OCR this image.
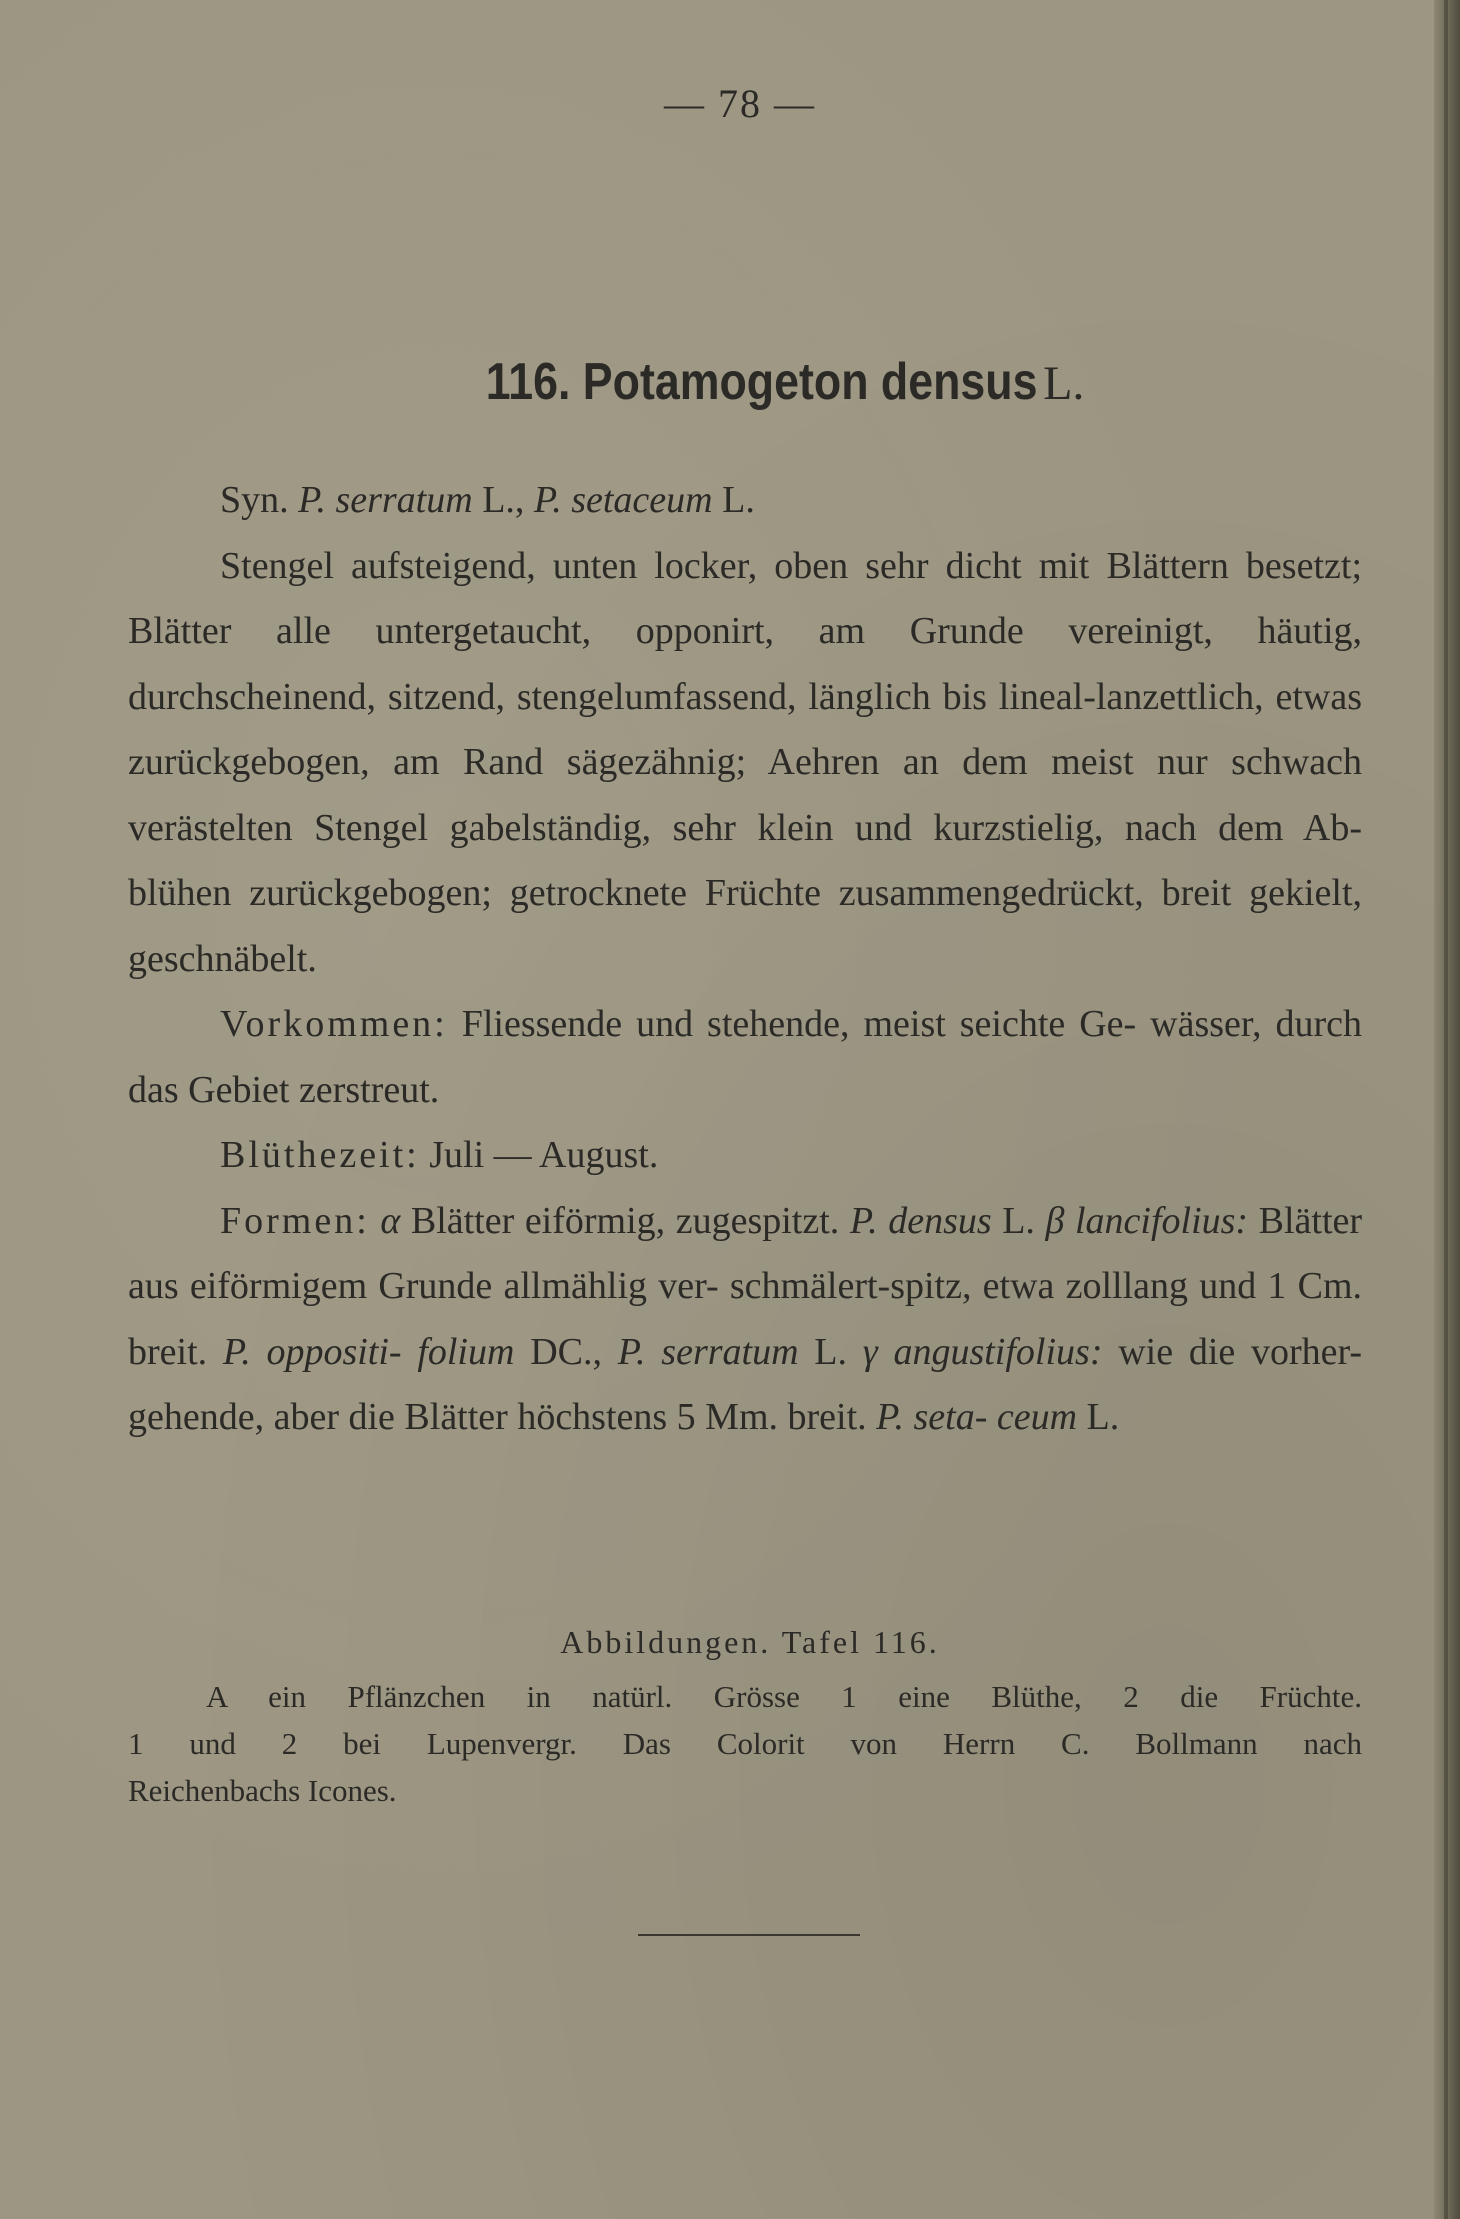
— 78 —
116. Potamogeton densus L.

Syn. P. serratum L., P. setaceum L.

Stengel aufsteigend, unten locker, oben sehr dicht mit Blättern besetzt; Blätter alle untergetaucht, opponirt, am Grunde vereinigt, häutig, durchscheinend, sitzend, stengelumfassend, länglich bis lineal-lanzettlich, etwas zurückgebogen, am Rand sägezähnig; Aehren an dem meist nur schwach verästelten Stengel gabelständig, sehr klein und kurzstielig, nach dem Ab- blühen zurückgebogen; getrocknete Früchte zusammengedrückt, breit gekielt, geschnäbelt.

Vorkommen: Fliessende und stehende, meist seichte Ge- wässer, durch das Gebiet zerstreut.

Blüthezeit: Juli — August.

Formen: α Blätter eiförmig, zugespitzt. P. densus L. β lancifolius: Blätter aus eiförmigem Grunde allmählig ver- schmälert-spitz, etwa zolllang und 1 Cm. breit. P. oppositi- folium DC., P. serratum L. γ angustifolius: wie die vorher- gehende, aber die Blätter höchstens 5 Mm. breit. P. seta- ceum L.

Abbildungen. Tafel 116.

A ein Pflänzchen in natürl. Grösse 1 eine Blüthe, 2 die Früchte.

1 und 2 bei Lupenvergr. Das Colorit von Herrn C. Bollmann nach

Reichenbachs Icones.
